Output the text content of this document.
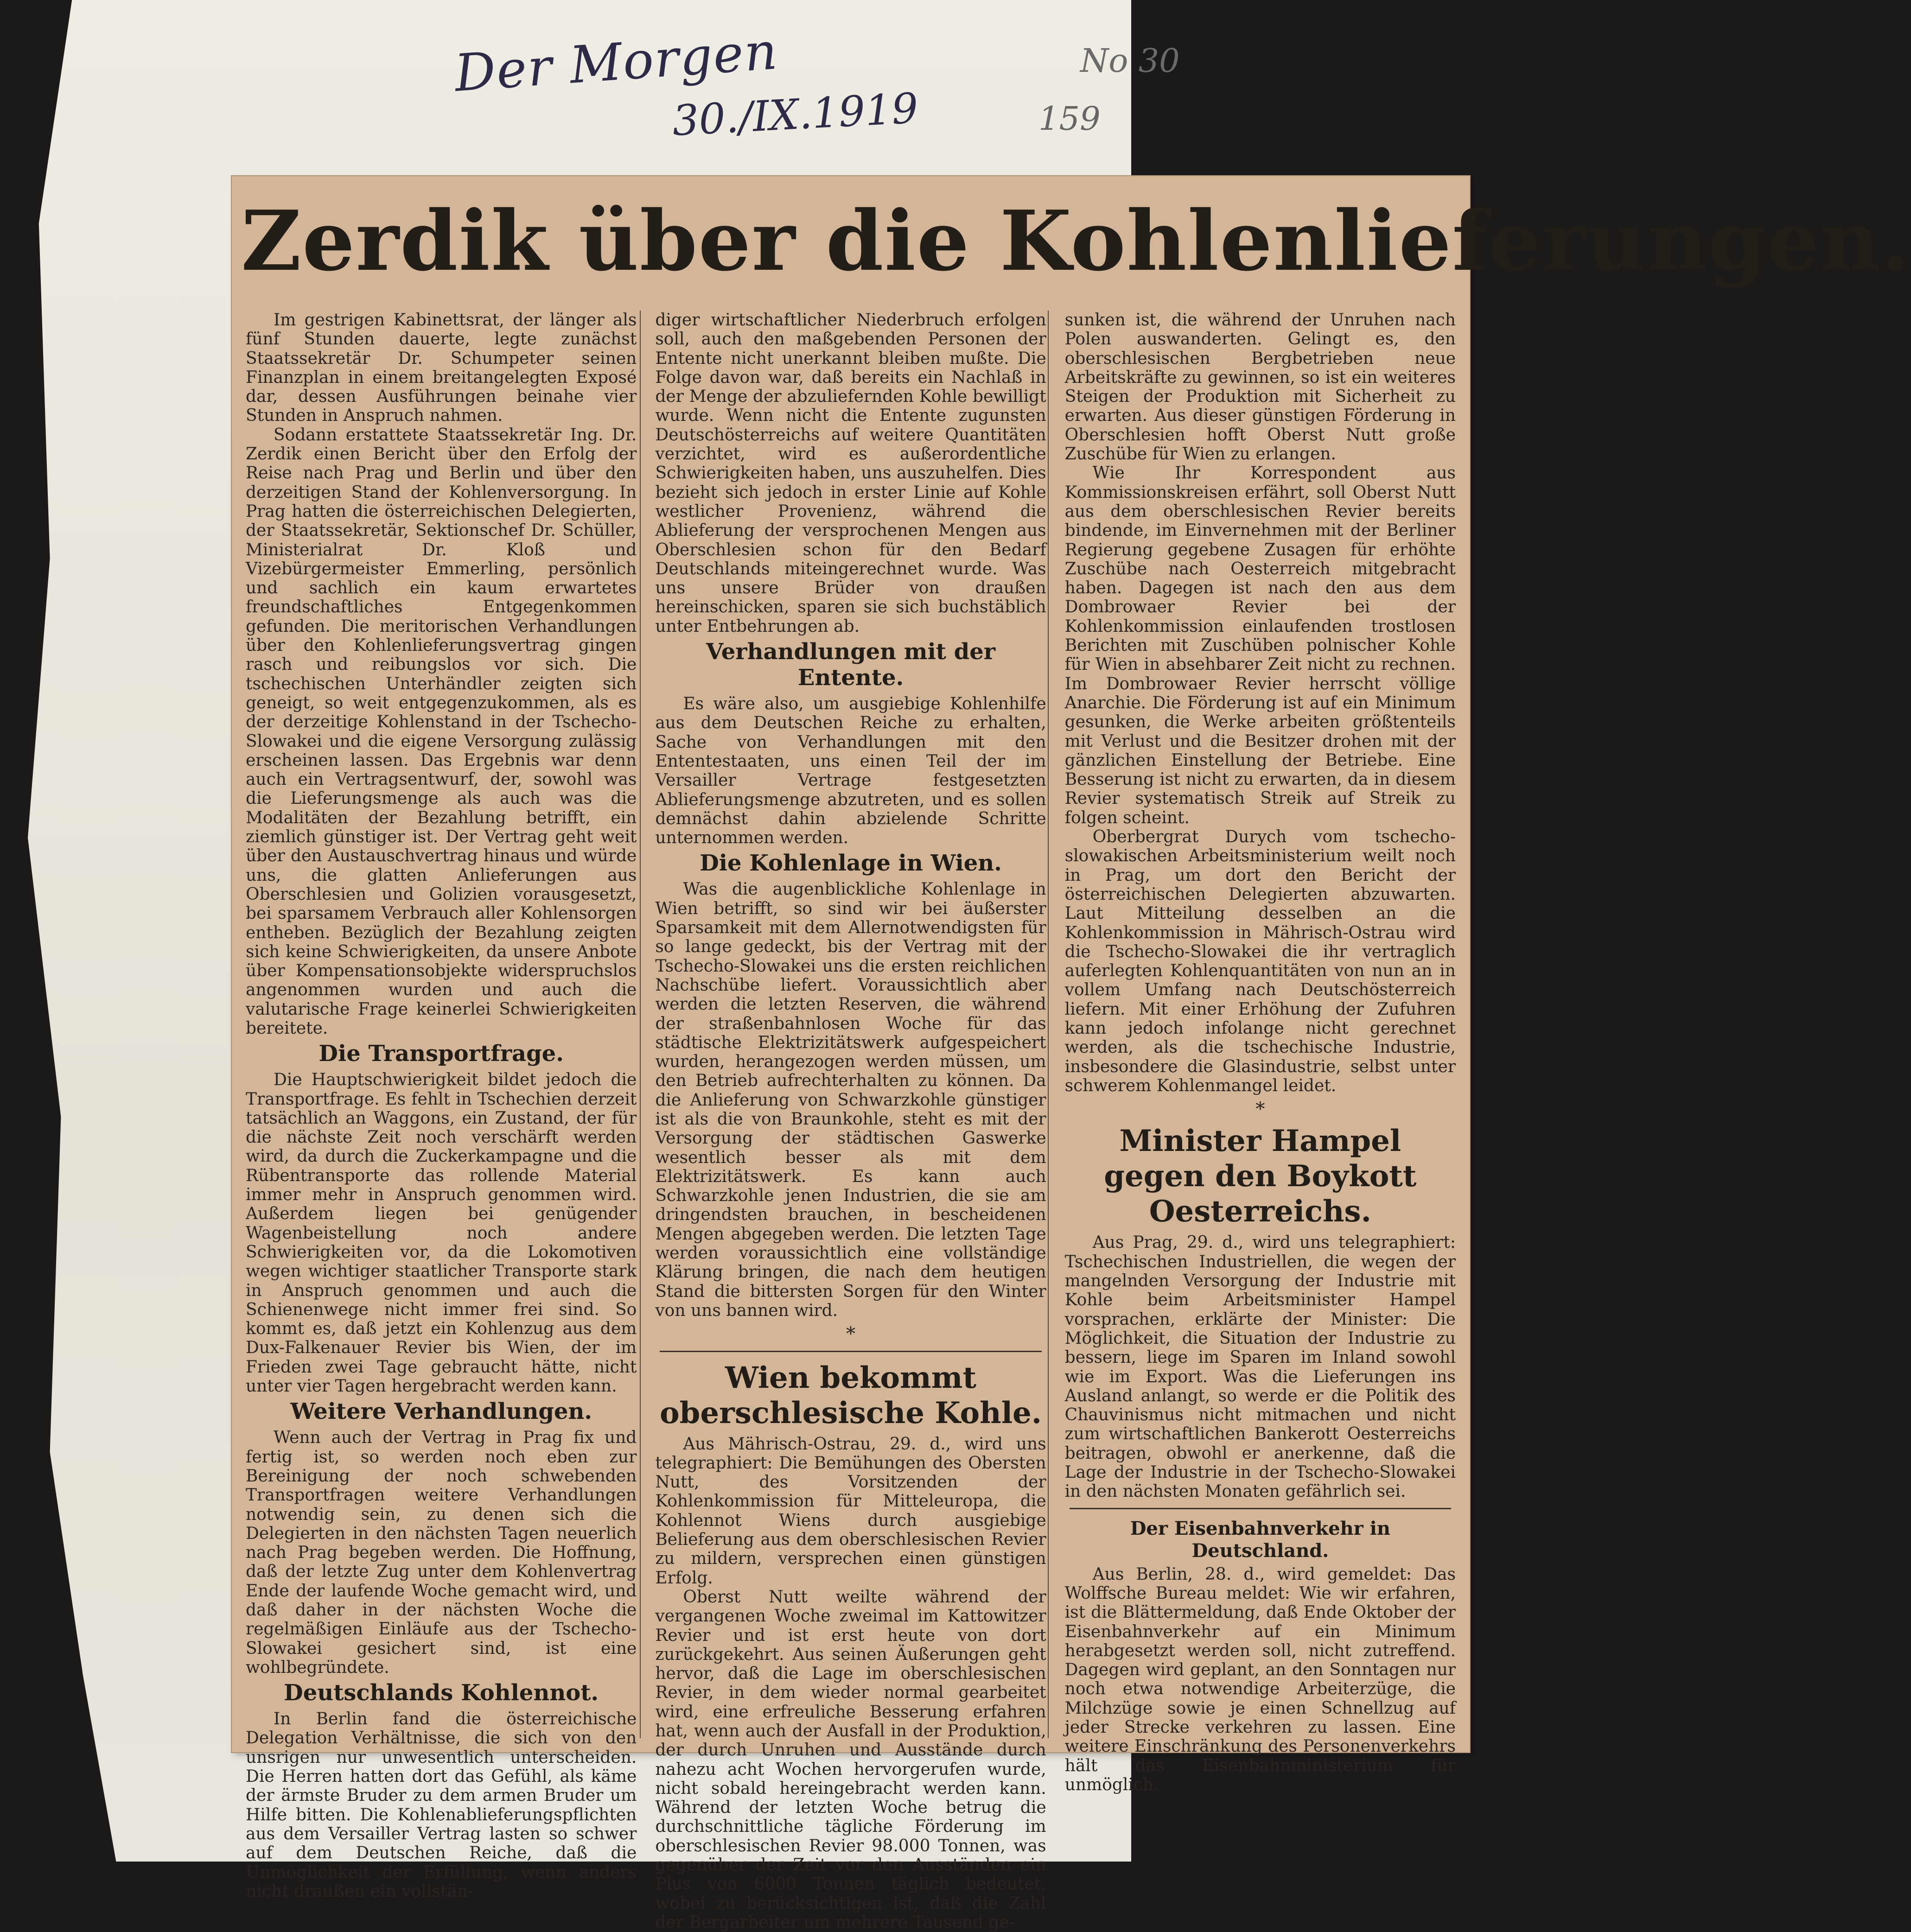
Der Morgen
30./IX.1919
No 30
159
Zerdik über die Kohlenlieferungen.

Im gestrigen Kabinettsrat, der länger als fünf Stunden dauerte, legte zunächst Staatssekretär Dr. Schumpeter seinen Finanzplan in einem breitangelegten Exposé dar, dessen Ausführungen beinahe vier Stunden in Anspruch nahmen.

Sodann erstattete Staatssekretär Ing. Dr. Zerdik einen Bericht über den Erfolg der Reise nach Prag und Berlin und über den derzeitigen Stand der Kohlenversorgung. In Prag hatten die österreichischen Delegierten, der Staatssekretär, Sektionschef Dr. Schüller, Ministerialrat Dr. Kloß und Vizebürgermeister Emmerling, persönlich und sachlich ein kaum erwartetes freundschaftliches Entgegenkommen gefunden. Die meritorischen Verhandlungen über den Kohlenlieferungsvertrag gingen rasch und reibungslos vor sich. Die tschechischen Unterhändler zeigten sich geneigt, so weit entgegenzukommen, als es der derzeitige Kohlenstand in der Tschecho-Slowakei und die eigene Versorgung zulässig erscheinen lassen. Das Ergebnis war denn auch ein Vertragsentwurf, der, sowohl was die Lieferungsmenge als auch was die Modalitäten der Bezahlung betrifft, ein ziemlich günstiger ist. Der Vertrag geht weit über den Austauschvertrag hinaus und würde uns, die glatten Anlieferungen aus Oberschlesien und Golizien vorausgesetzt, bei sparsamem Verbrauch aller Kohlensorgen entheben. Bezüglich der Bezahlung zeigten sich keine Schwierigkeiten, da unsere Anbote über Kompensationsobjekte widerspruchslos angenommen wurden und auch die valutarische Frage keinerlei Schwierigkeiten bereitete.

Die Transportfrage.

Die Hauptschwierigkeit bildet jedoch die Transportfrage. Es fehlt in Tschechien derzeit tatsächlich an Waggons, ein Zustand, der für die nächste Zeit noch verschärft werden wird, da durch die Zuckerkampagne und die Rübentransporte das rollende Material immer mehr in Anspruch genommen wird. Außerdem liegen bei genügender Wagenbeistellung noch andere Schwierigkeiten vor, da die Lokomotiven wegen wichtiger staatlicher Transporte stark in Anspruch genommen und auch die Schienenwege nicht immer frei sind. So kommt es, daß jetzt ein Kohlenzug aus dem Dux-Falkenauer Revier bis Wien, der im Frieden zwei Tage gebraucht hätte, nicht unter vier Tagen hergebracht werden kann.

Weitere Verhandlungen.

Wenn auch der Vertrag in Prag fix und fertig ist, so werden noch eben zur Bereinigung der noch schwebenden Transportfragen weitere Verhandlungen notwendig sein, zu denen sich die Delegierten in den nächsten Tagen neuerlich nach Prag begeben werden. Die Hoffnung, daß der letzte Zug unter dem Kohlenvertrag Ende der laufende Woche gemacht wird, und daß daher in der nächsten Woche die regelmäßigen Einläufe aus der Tschecho-Slowakei gesichert sind, ist eine wohlbegründete.

Deutschlands Kohlennot.

In Berlin fand die österreichische Delegation Verhältnisse, die sich von den unsrigen nur unwesentlich unterscheiden. Die Herren hatten dort das Gefühl, als käme der ärmste Bruder zu dem armen Bruder um Hilfe bitten. Die Kohlenablieferungspflichten aus dem Versailler Vertrag lasten so schwer auf dem Deutschen Reiche, daß die Unmöglichkeit der Erfüllung, wenn anders nicht draußen ein vollstän-

diger wirtschaftlicher Niederbruch erfolgen soll, auch den maßgebenden Personen der Entente nicht unerkannt bleiben mußte. Die Folge davon war, daß bereits ein Nachlaß in der Menge der abzuliefernden Kohle bewilligt wurde. Wenn nicht die Entente zugunsten Deutschösterreichs auf weitere Quantitäten verzichtet, wird es außerordentliche Schwierigkeiten haben, uns auszuhelfen. Dies bezieht sich jedoch in erster Linie auf Kohle westlicher Provenienz, während die Ablieferung der versprochenen Mengen aus Oberschlesien schon für den Bedarf Deutschlands miteingerechnet wurde. Was uns unsere Brüder von draußen hereinschicken, sparen sie sich buchstäblich unter Entbehrungen ab.

Verhandlungen mit der Entente.

Es wäre also, um ausgiebige Kohlenhilfe aus dem Deutschen Reiche zu erhalten, Sache von Verhandlungen mit den Ententestaaten, uns einen Teil der im Versailler Vertrage festgesetzten Ablieferungsmenge abzutreten, und es sollen demnächst dahin abzielende Schritte unternommen werden.

Die Kohlenlage in Wien.

Was die augenblickliche Kohlenlage in Wien betrifft, so sind wir bei äußerster Sparsamkeit mit dem Allernotwendigsten für so lange gedeckt, bis der Vertrag mit der Tschecho-Slowakei uns die ersten reichlichen Nachschübe liefert. Voraussichtlich aber werden die letzten Reserven, die während der straßenbahnlosen Woche für das städtische Elektrizitätswerk aufgespeichert wurden, herangezogen werden müssen, um den Betrieb aufrechterhalten zu können. Da die Anlieferung von Schwarzkohle günstiger ist als die von Braunkohle, steht es mit der Versorgung der städtischen Gaswerke wesentlich besser als mit dem Elektrizitätswerk. Es kann auch Schwarzkohle jenen Industrien, die sie am dringendsten brauchen, in bescheidenen Mengen abgegeben werden. Die letzten Tage werden voraussichtlich eine vollständige Klärung bringen, die nach dem heutigen Stand die bittersten Sorgen für den Winter von uns bannen wird.

*
Wien bekommt oberschlesische Kohle.

Aus Mährisch-Ostrau, 29. d., wird uns telegraphiert: Die Bemühungen des Obersten Nutt, des Vorsitzenden der Kohlenkommission für Mitteleuropa, die Kohlennot Wiens durch ausgiebige Belieferung aus dem oberschlesischen Revier zu mildern, versprechen einen günstigen Erfolg.

Oberst Nutt weilte während der vergangenen Woche zweimal im Kattowitzer Revier und ist erst heute von dort zurückgekehrt. Aus seinen Äußerungen geht hervor, daß die Lage im oberschlesischen Revier, in dem wieder normal gearbeitet wird, eine erfreuliche Besserung erfahren hat, wenn auch der Ausfall in der Produktion, der durch Unruhen und Ausstände durch nahezu acht Wochen hervorgerufen wurde, nicht sobald hereingebracht werden kann. Während der letzten Woche betrug die durchschnittliche tägliche Förderung im oberschlesischen Revier 98.000 Tonnen, was gegenüber der Zeit vor den Ausständen ein Plus von 6000 Tonnen täglich bedeutet, wobei zu berücksichtigen ist, daß die Zahl der Bergarbeiter um mehrere Tausend ge-

sunken ist, die während der Unruhen nach Polen auswanderten. Gelingt es, den oberschlesischen Bergbetrieben neue Arbeitskräfte zu gewinnen, so ist ein weiteres Steigen der Produktion mit Sicherheit zu erwarten. Aus dieser günstigen Förderung in Oberschlesien hofft Oberst Nutt große Zuschübe für Wien zu erlangen.

Wie Ihr Korrespondent aus Kommissionskreisen erfährt, soll Oberst Nutt aus dem oberschlesischen Revier bereits bindende, im Einvernehmen mit der Berliner Regierung gegebene Zusagen für erhöhte Zuschübe nach Oesterreich mitgebracht haben. Dagegen ist nach den aus dem Dombrowaer Revier bei der Kohlenkommission einlaufenden trostlosen Berichten mit Zuschüben polnischer Kohle für Wien in absehbarer Zeit nicht zu rechnen. Im Dombrowaer Revier herrscht völlige Anarchie. Die Förderung ist auf ein Minimum gesunken, die Werke arbeiten größtenteils mit Verlust und die Besitzer drohen mit der gänzlichen Einstellung der Betriebe. Eine Besserung ist nicht zu erwarten, da in diesem Revier systematisch Streik auf Streik zu folgen scheint.

Oberbergrat Durych vom tschecho-slowakischen Arbeitsministerium weilt noch in Prag, um dort den Bericht der österreichischen Delegierten abzuwarten. Laut Mitteilung desselben an die Kohlenkommission in Mährisch-Ostrau wird die Tschecho-Slowakei die ihr vertraglich auferlegten Kohlenquantitäten von nun an in vollem Umfang nach Deutschösterreich liefern. Mit einer Erhöhung der Zufuhren kann jedoch infolange nicht gerechnet werden, als die tschechische Industrie, insbesondere die Glasindustrie, selbst unter schwerem Kohlenmangel leidet.

*
Minister Hampel gegen den Boykott Oesterreichs.

Aus Prag, 29. d., wird uns telegraphiert: Tschechischen Industriellen, die wegen der mangelnden Versorgung der Industrie mit Kohle beim Arbeitsminister Hampel vorsprachen, erklärte der Minister: Die Möglichkeit, die Situation der Industrie zu bessern, liege im Sparen im Inland sowohl wie im Export. Was die Lieferungen ins Ausland anlangt, so werde er die Politik des Chauvinismus nicht mitmachen und nicht zum wirtschaftlichen Bankerott Oesterreichs beitragen, obwohl er anerkenne, daß die Lage der Industrie in der Tschecho-Slowakei in den nächsten Monaten gefährlich sei.

Der Eisenbahnverkehr in Deutschland.

Aus Berlin, 28. d., wird gemeldet: Das Wolffsche Bureau meldet: Wie wir erfahren, ist die Blättermeldung, daß Ende Oktober der Eisenbahnverkehr auf ein Minimum herabgesetzt werden soll, nicht zutreffend. Dagegen wird geplant, an den Sonntagen nur noch etwa notwendige Arbeiterzüge, die Milchzüge sowie je einen Schnellzug auf jeder Strecke verkehren zu lassen. Eine weitere Einschränkung des Personenverkehrs hält das Eisenbahnministerium für unmöglich.
